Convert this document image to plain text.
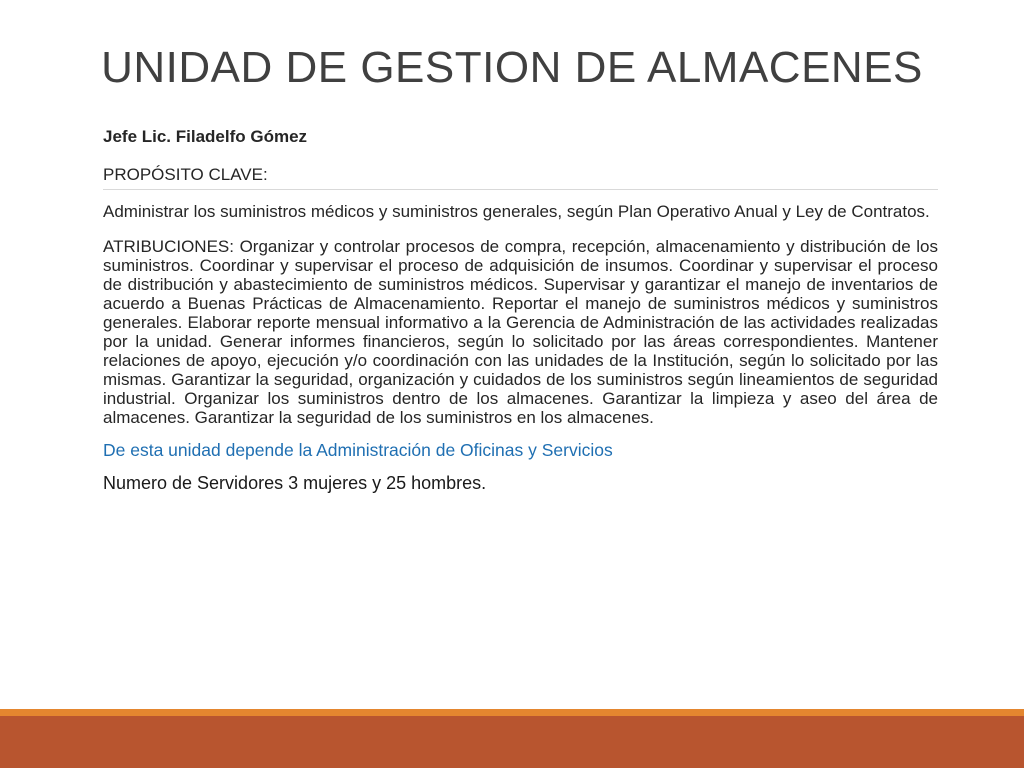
UNIDAD DE GESTION DE ALMACENES

Jefe Lic. Filadelfo Gómez

PROPÓSITO CLAVE:

Administrar los suministros médicos y suministros generales, según Plan Operativo Anual y Ley de Contratos.

ATRIBUCIONES: Organizar y controlar procesos de compra, recepción, almacenamiento y distribución de los suministros. Coordinar y supervisar el proceso de adquisición de insumos. Coordinar y supervisar el proceso de distribución y abastecimiento de suministros médicos. Supervisar y garantizar el manejo de inventarios de acuerdo a Buenas Prácticas de Almacenamiento. Reportar el manejo de suministros médicos y suministros generales. Elaborar reporte mensual informativo a la Gerencia de Administración de las actividades realizadas por la unidad. Generar informes financieros, según lo solicitado por las áreas correspondientes. Mantener relaciones de apoyo, ejecución y/o coordinación con las unidades de la Institución, según lo solicitado por las mismas. Garantizar la seguridad, organización y cuidados de los suministros según lineamientos de seguridad industrial. Organizar los suministros dentro de los almacenes. Garantizar la limpieza y aseo del área de almacenes. Garantizar la seguridad de los suministros en los almacenes.

De esta unidad depende la Administración de Oficinas y Servicios

Numero de Servidores 3 mujeres y 25 hombres.
